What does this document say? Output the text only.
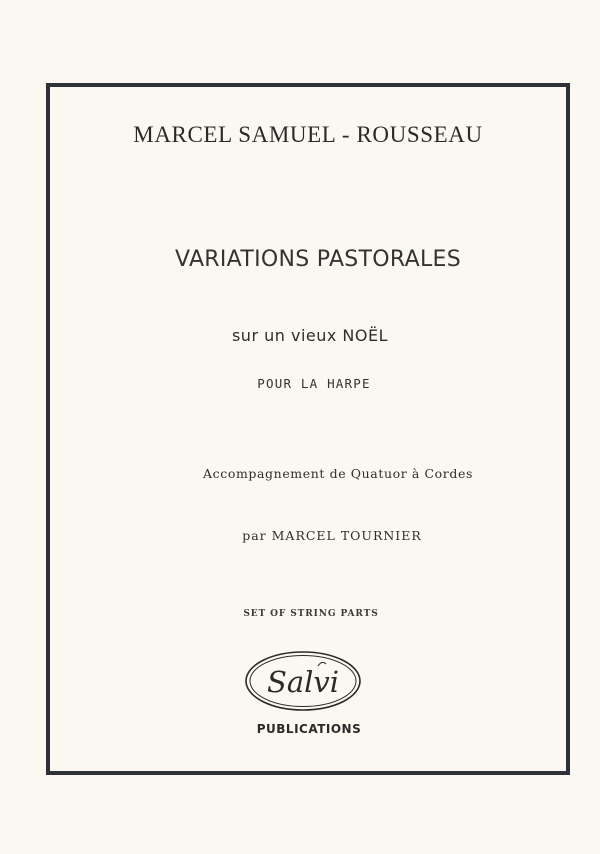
MARCEL SAMUEL - ROUSSEAU
VARIATIONS PASTORALES
sur un vieux NOËL
POUR LA HARPE
Accompagnement de Quatuor à Cordes
par MARCEL TOURNIER
SET OF STRING PARTS
Salvi
PUBLICATIONS
